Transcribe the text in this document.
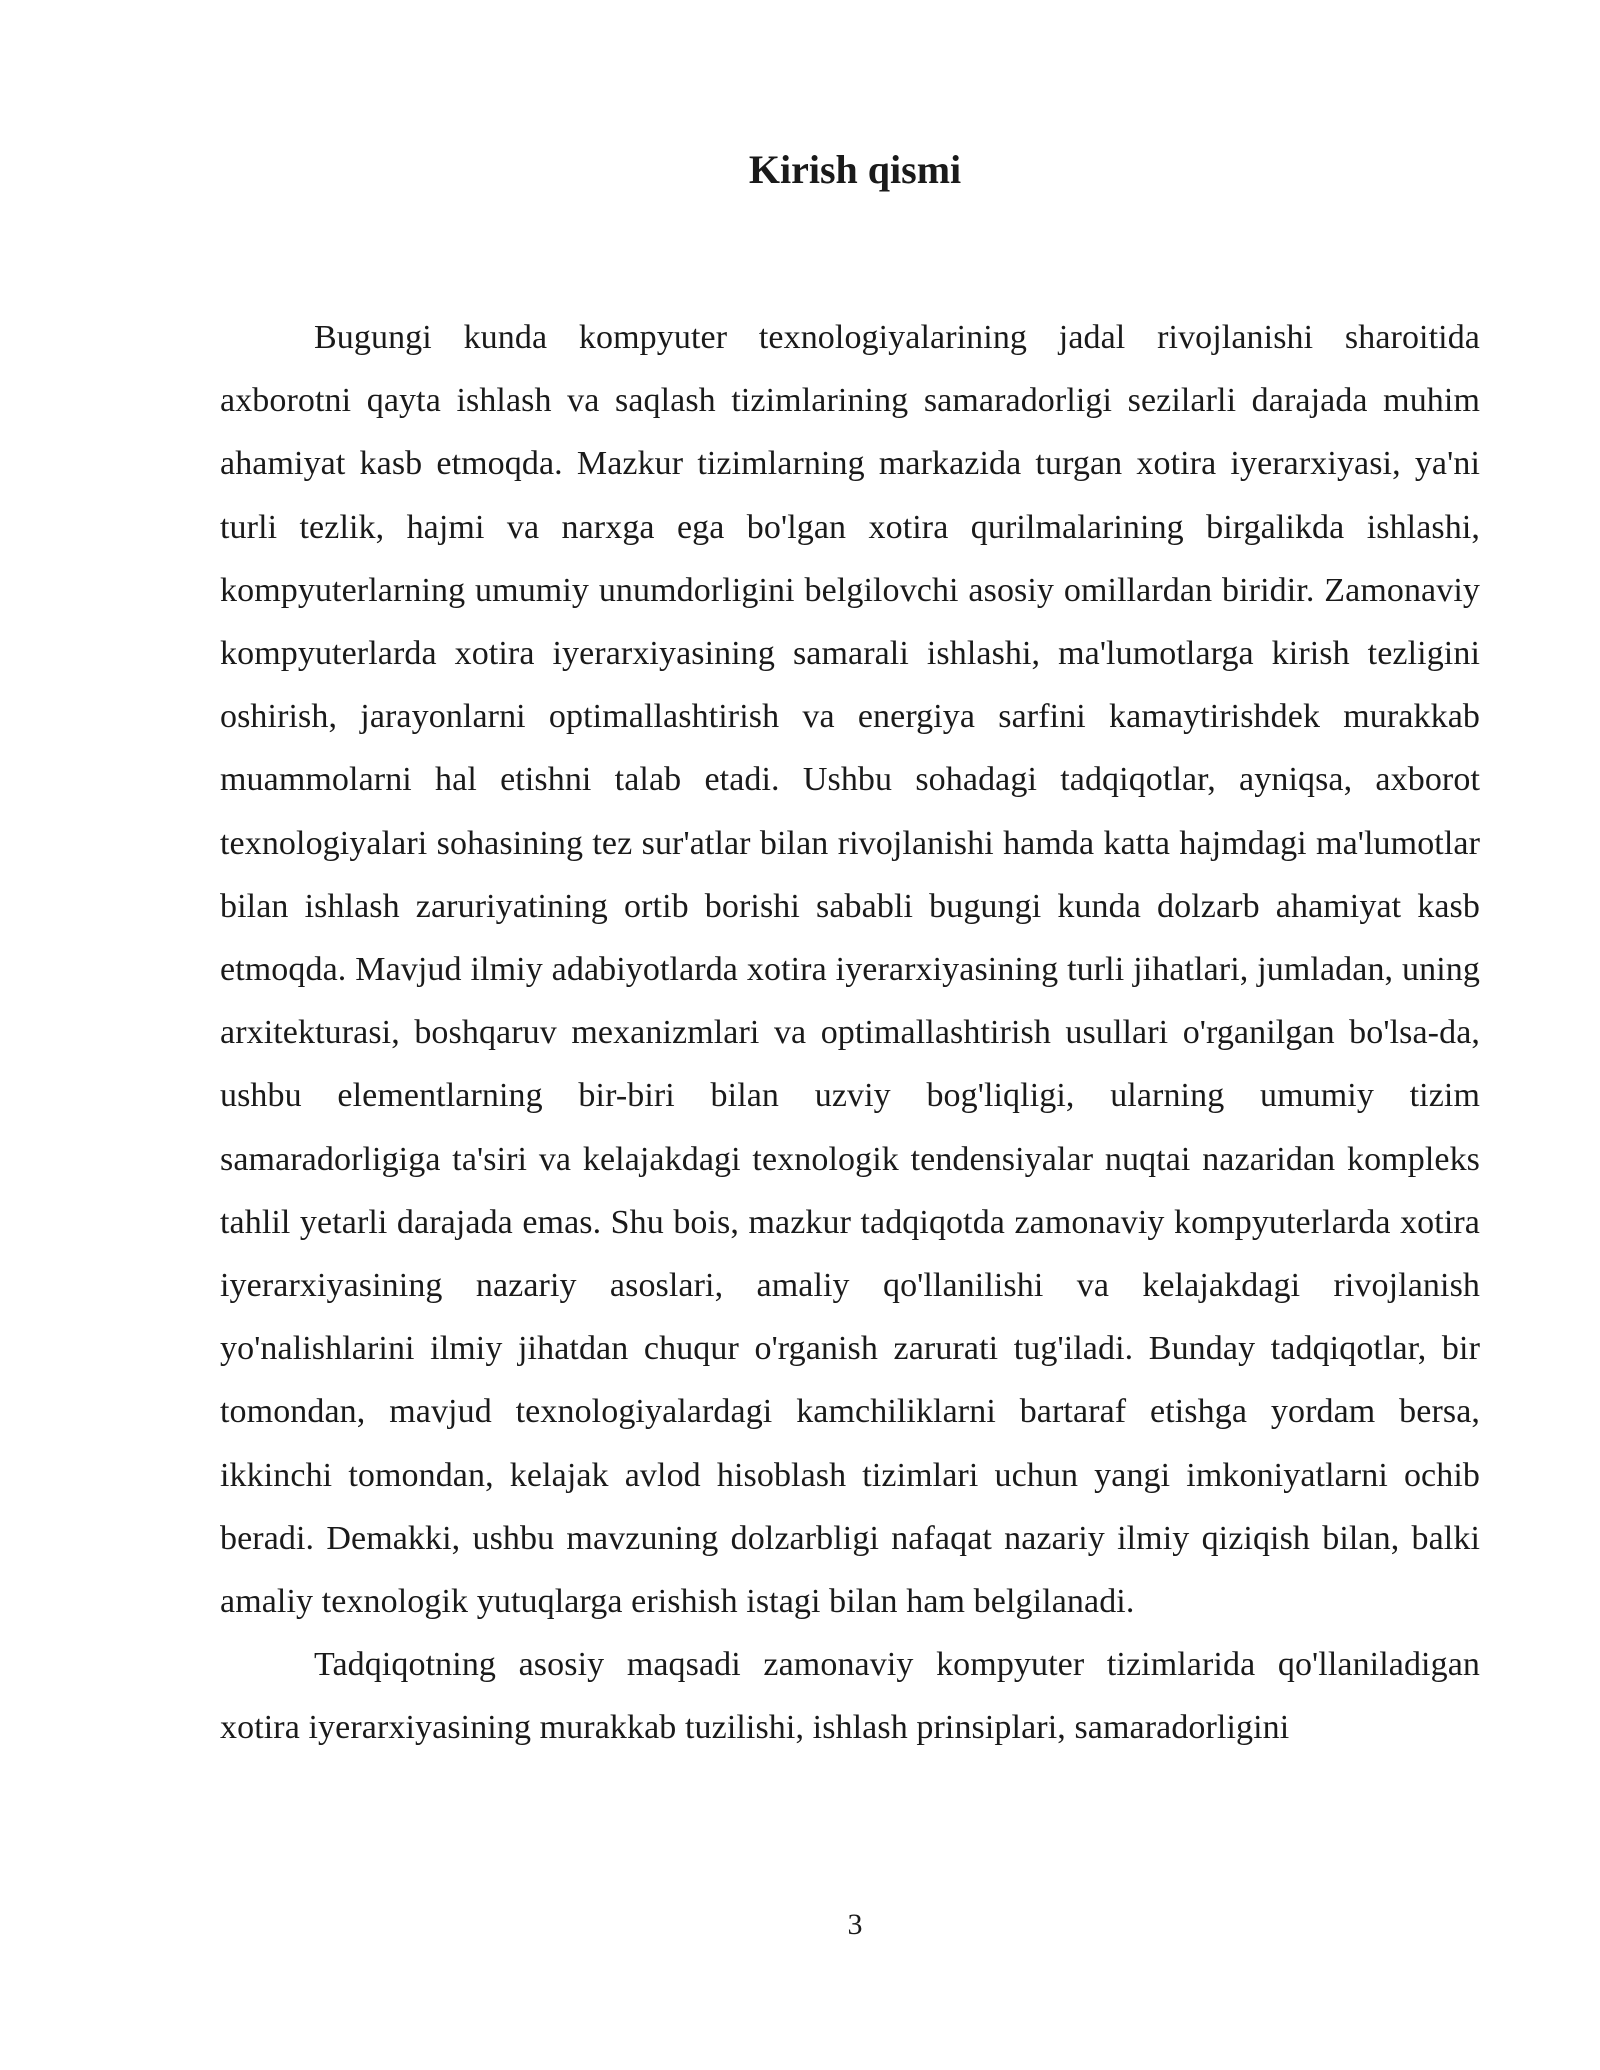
Kirish qismi

Bugungi kunda kompyuter texnologiyalarining jadal rivojlanishi sharoitida axborotni qayta ishlash va saqlash tizimlarining samaradorligi sezilarli darajada muhim ahamiyat kasb etmoqda. Mazkur tizimlarning markazida turgan xotira iyerarxiyasi, ya'ni turli tezlik, hajmi va narxga ega bo'lgan xotira qurilmalarining birgalikda ishlashi, kompyuterlarning umumiy unumdorligini belgilovchi asosiy omillardan biridir. Zamonaviy kompyuterlarda xotira iyerarxiyasining samarali ishlashi, ma'lumotlarga kirish tezligini oshirish, jarayonlarni optimallashtirish va energiya sarfini kamaytirishdek murakkab muammolarni hal etishni talab etadi. Ushbu sohadagi tadqiqotlar, ayniqsa, axborot texnologiyalari sohasining tez sur'atlar bilan rivojlanishi hamda katta hajmdagi ma'lumotlar bilan ishlash zaruriyatining ortib borishi sababli bugungi kunda dolzarb ahamiyat kasb etmoqda. Mavjud ilmiy adabiyotlarda xotira iyerarxiyasining turli jihatlari, jumladan, uning arxitekturasi, boshqaruv mexanizmlari va optimallashtirish usullari o'rganilgan bo'lsa-da, ushbu elementlarning bir-biri bilan uzviy bog'liqligi, ularning umumiy tizim samaradorligiga ta'siri va kelajakdagi texnologik tendensiyalar nuqtai nazaridan kompleks tahlil yetarli darajada emas. Shu bois, mazkur tadqiqotda zamonaviy kompyuterlarda xotira iyerarxiyasining nazariy asoslari, amaliy qo'llanilishi va kelajakdagi rivojlanish yo'nalishlarini ilmiy jihatdan chuqur o'rganish zarurati tug'iladi. Bunday tadqiqotlar, bir tomondan, mavjud texnologiyalardagi kamchiliklarni bartaraf etishga yordam bersa, ikkinchi tomondan, kelajak avlod hisoblash tizimlari uchun yangi imkoniyatlarni ochib beradi. Demakki, ushbu mavzuning dolzarbligi nafaqat nazariy ilmiy qiziqish bilan, balki amaliy texnologik yutuqlarga erishish istagi bilan ham belgilanadi.

Tadqiqotning asosiy maqsadi zamonaviy kompyuter tizimlarida qo'llaniladigan xotira iyerarxiyasining murakkab tuzilishi, ishlash prinsiplari, samaradorligini

3
